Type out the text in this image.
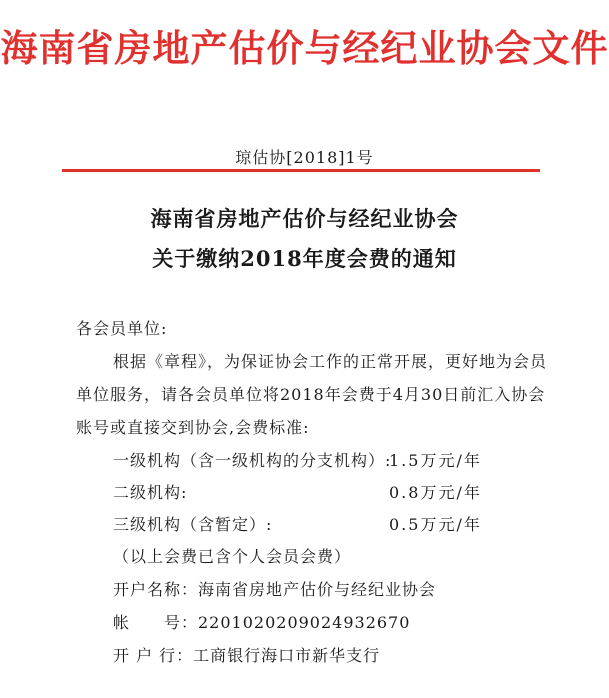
海南省房地产估价与经纪业协会文件
琼估协[2018]1号
海南省房地产估价与经纪业协会
关于缴纳2018年度会费的通知
各会员单位:
根据《章程》，为保证协会工作的正常开展，更好地为会员
单位服务，请各会员单位将2018年会费于4月30日前汇入协会
账号或直接交到协会,会费标准:
一级机构（含一级机构的分支机构）:
1.5万元/年
二级机构:	0.8万元/年
三级机构（含暂定）:	0.5万元/年
（以上会费已含个人会员会费）
开户名称：海南省房地产估价与经纪业协会
帐　　号：2201020209024932670
开 户 行：工商银行海口市新华支行
